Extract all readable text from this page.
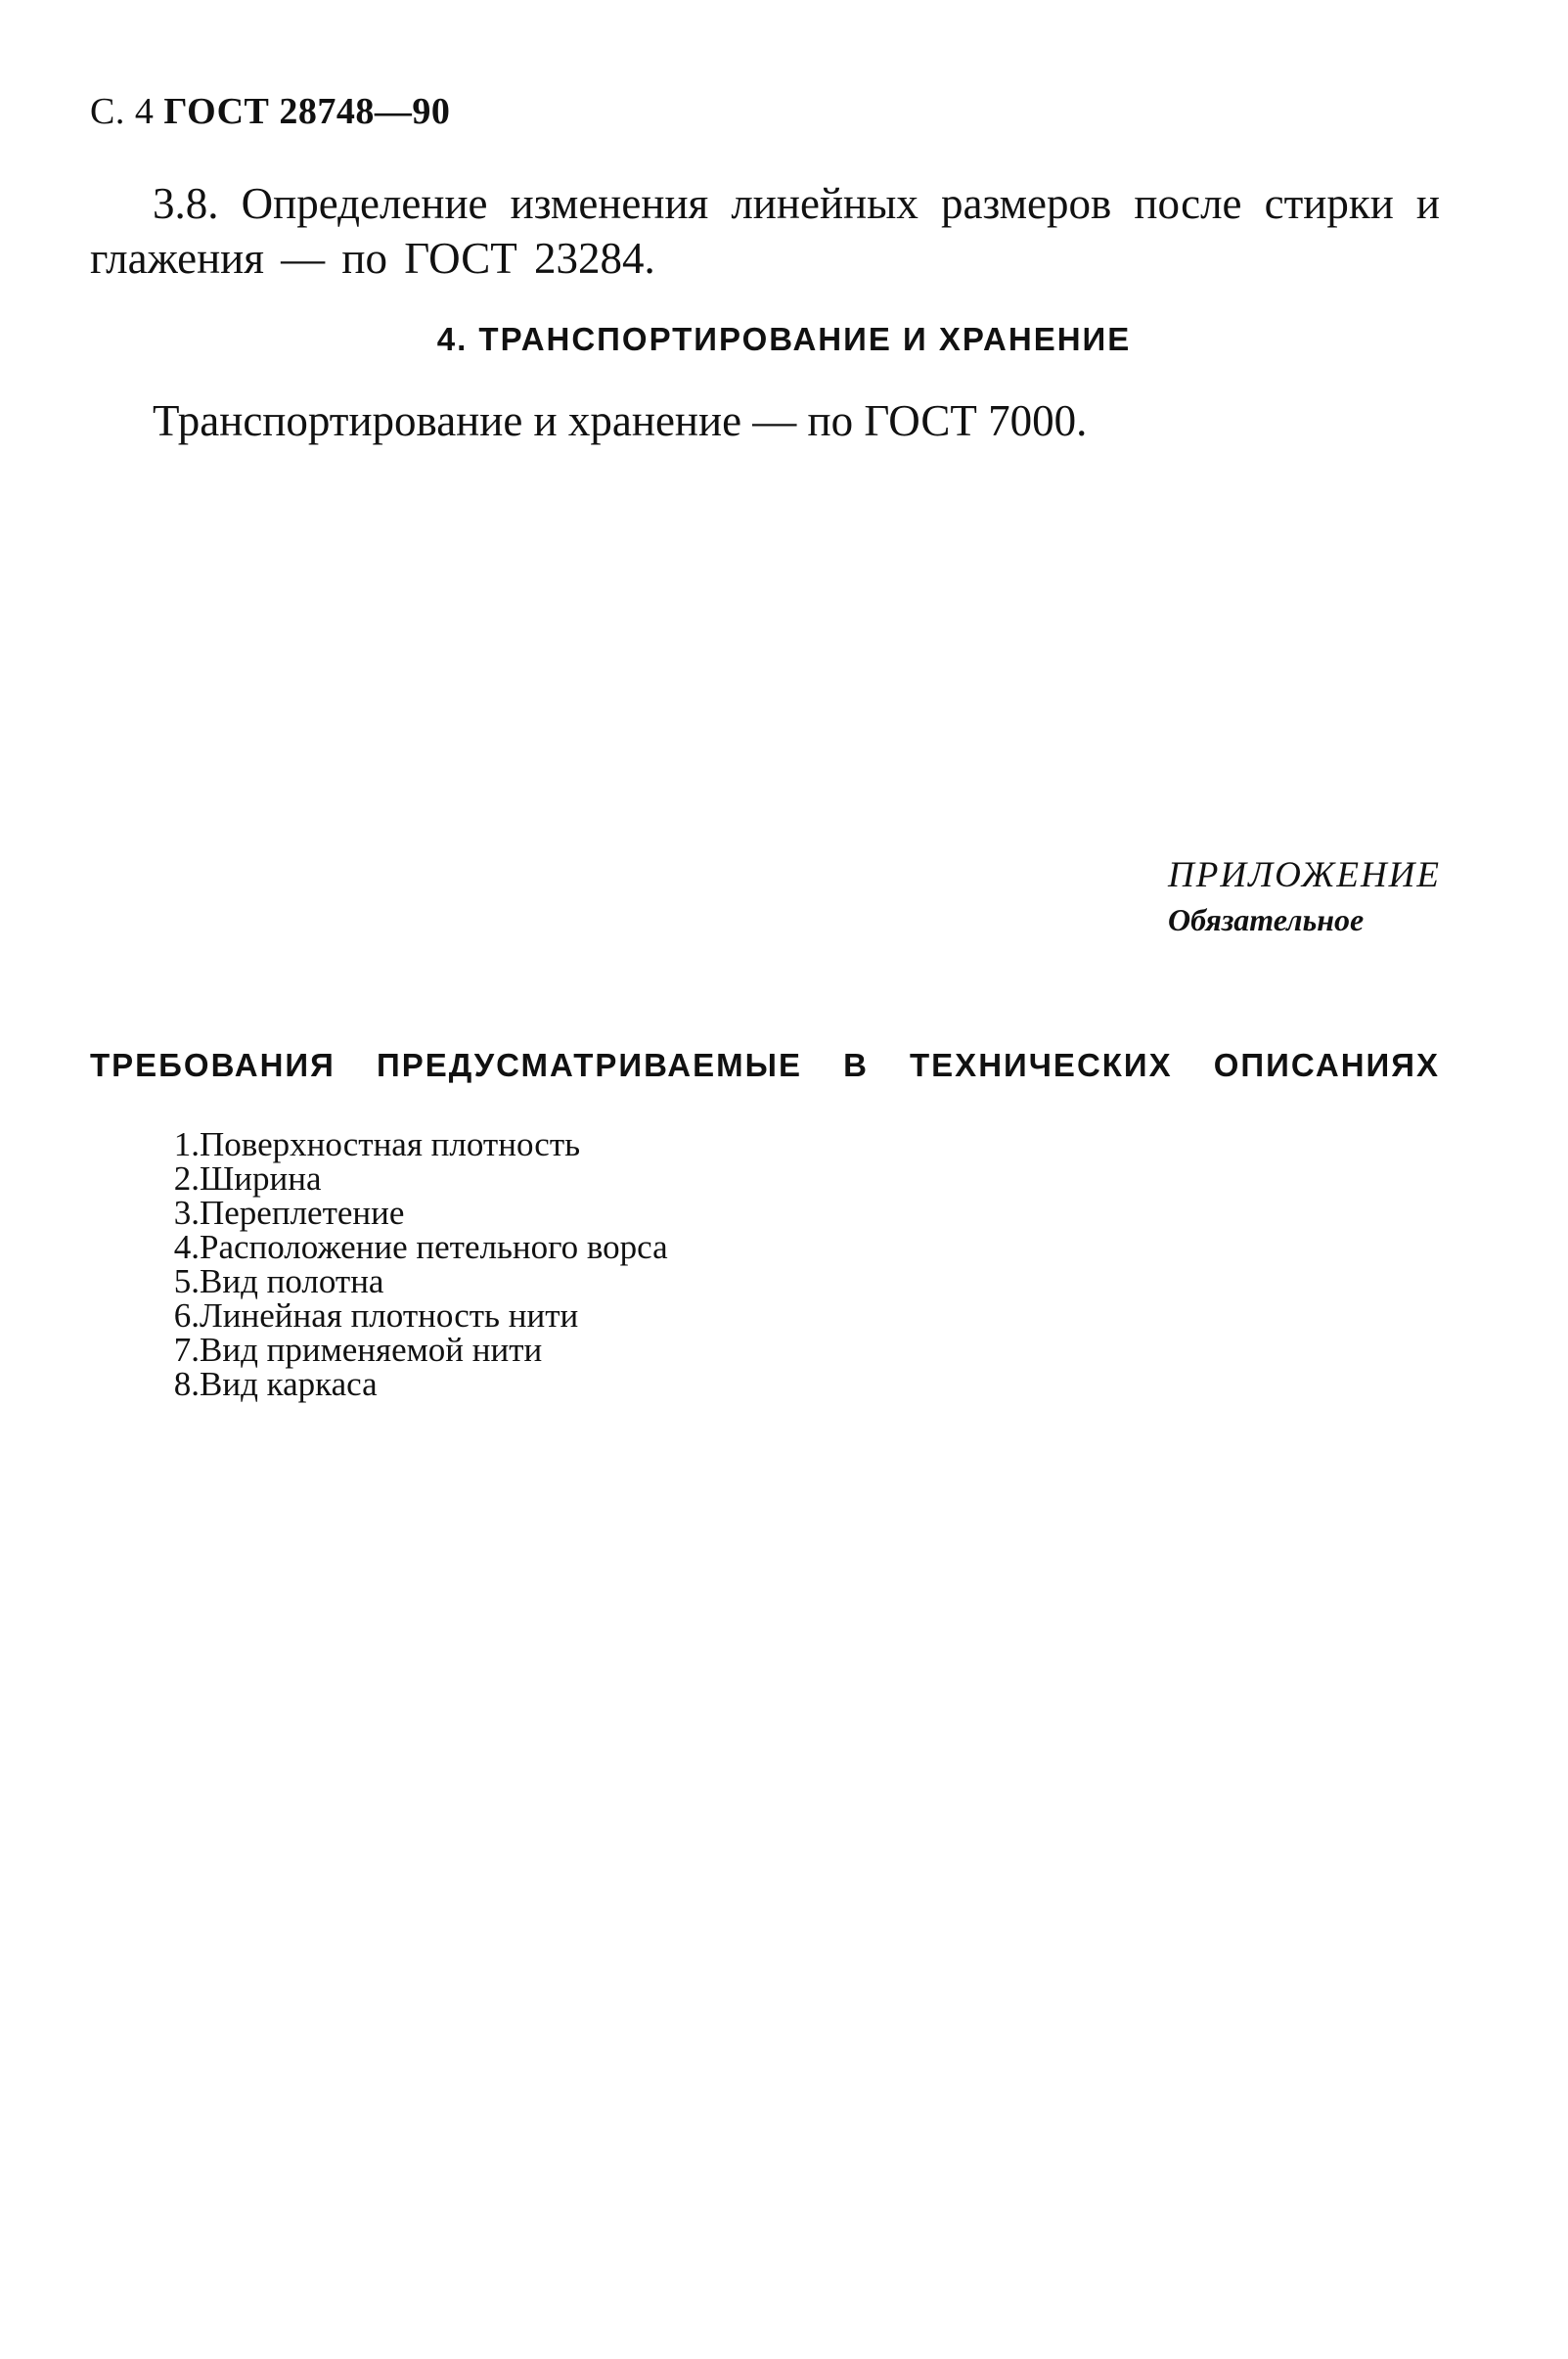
С. 4 ГОСТ 28748—90

3.8. Определение изменения линейных размеров после стирки и глажения — по ГОСТ 23284.

4. ТРАНСПОРТИРОВАНИЕ И ХРАНЕНИЕ

Транспортирование и хранение — по ГОСТ 7000.

ПРИЛОЖЕНИЕ
Обязательное
ТРЕБОВАНИЯ ПРЕДУСМАТРИВАЕМЫЕ В ТЕХНИЧЕСКИХ ОПИСАНИЯХ
1. Поверхностная плотность
2. Ширина
3. Переплетение
4. Расположение петельного ворса
5. Вид полотна
6. Линейная плотность нити
7. Вид применяемой нити
8. Вид каркаса
